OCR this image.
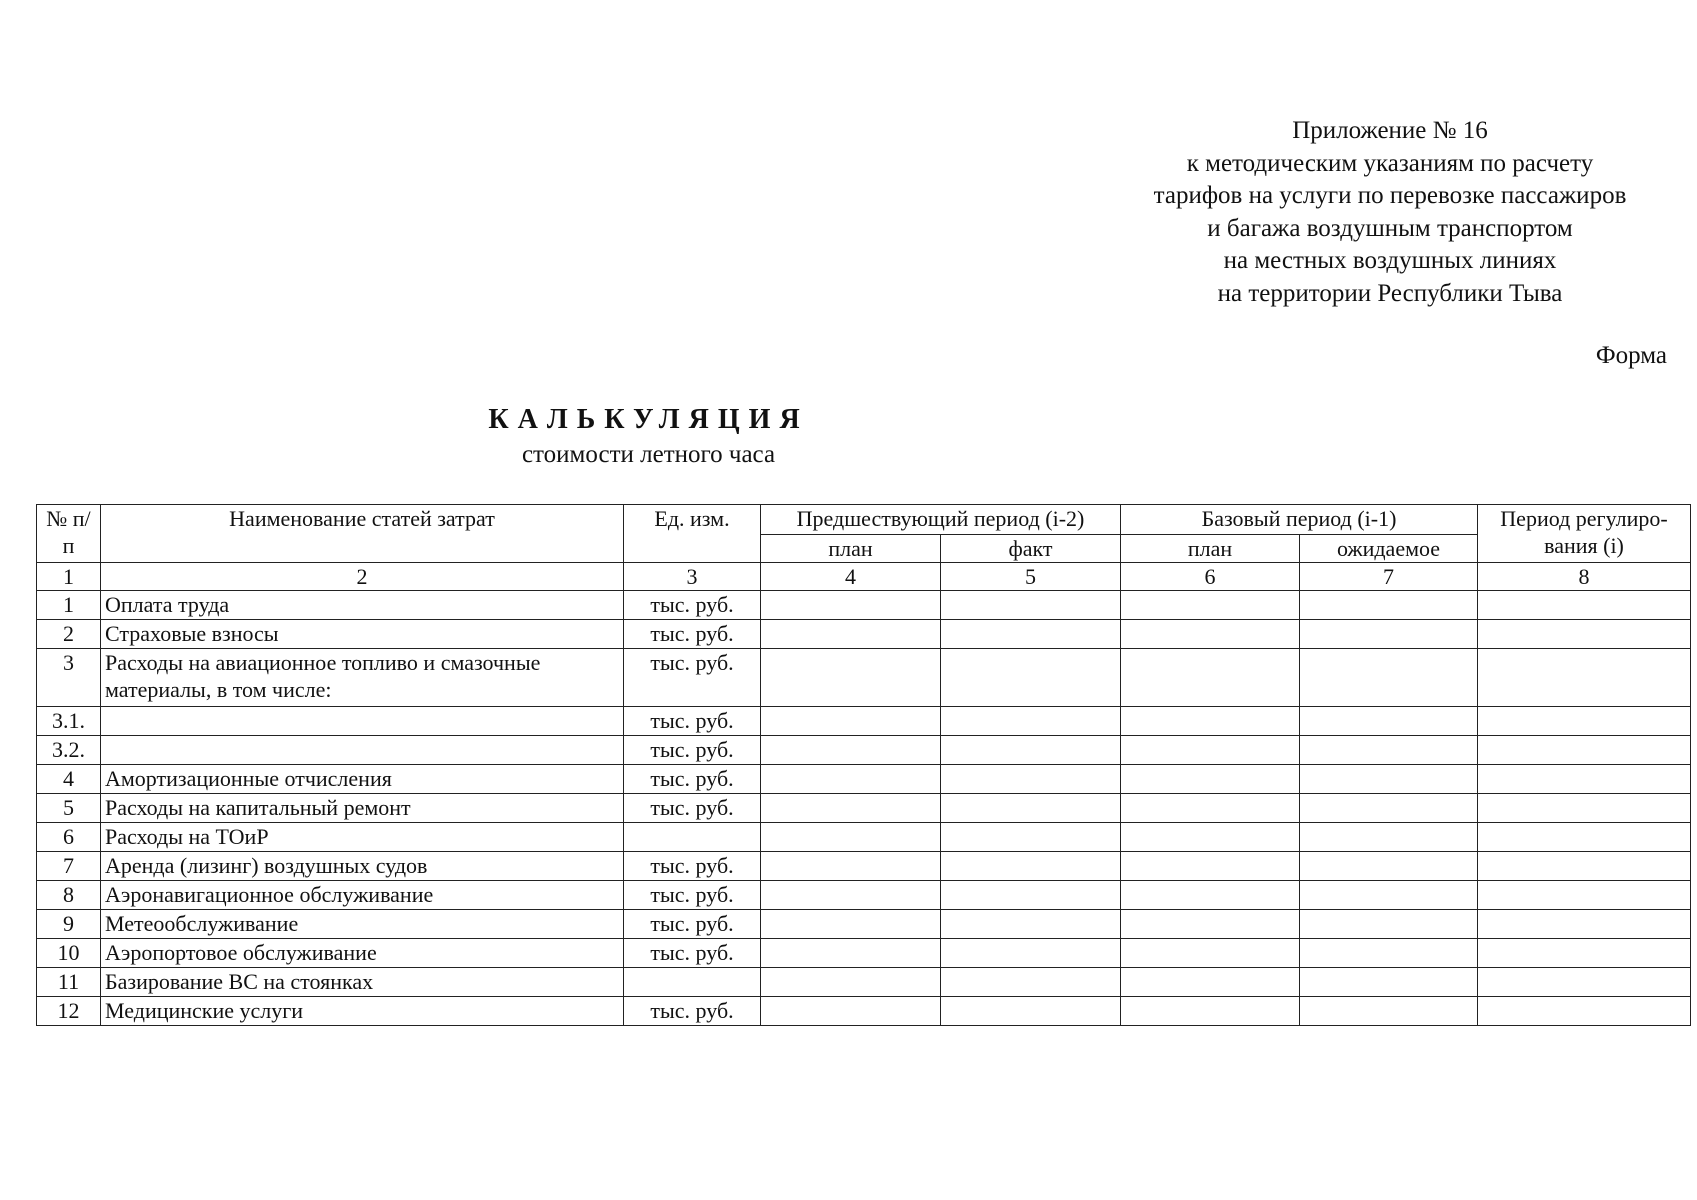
Приложение № 16
к методическим указаниям по расчету
тарифов на услуги по перевозке пассажиров
и багажа воздушным транспортом
на местных воздушных линиях
на территории Республики Тыва
Форма
КАЛЬКУЛЯЦИЯ
стоимости летного часа
№ п/п	Наименование статей затрат	Ед. изм.	Предшествующий период (i-2)		Базовый период (i-1)		Период регулиро-вания (i)
			план	факт	план	ожидаемое	
1	2	3	4	5	6	7	8
1	Оплата труда	тыс. руб.					
2	Страховые взносы	тыс. руб.					
3	Расходы на авиационное топливо и смазочные материалы, в том числе:	тыс. руб.					
3.1.		тыс. руб.					
3.2.		тыс. руб.					
4	Амортизационные отчисления	тыс. руб.					
5	Расходы на капитальный ремонт	тыс. руб.					
6	Расходы на ТОиР						
7	Аренда (лизинг) воздушных судов	тыс. руб.					
8	Аэронавигационное обслуживание	тыс. руб.					
9	Метеообслуживание	тыс. руб.					
10	Аэропортовое обслуживание	тыс. руб.					
11	Базирование ВС на стоянках						
12	Медицинские услуги	тыс. руб.					
